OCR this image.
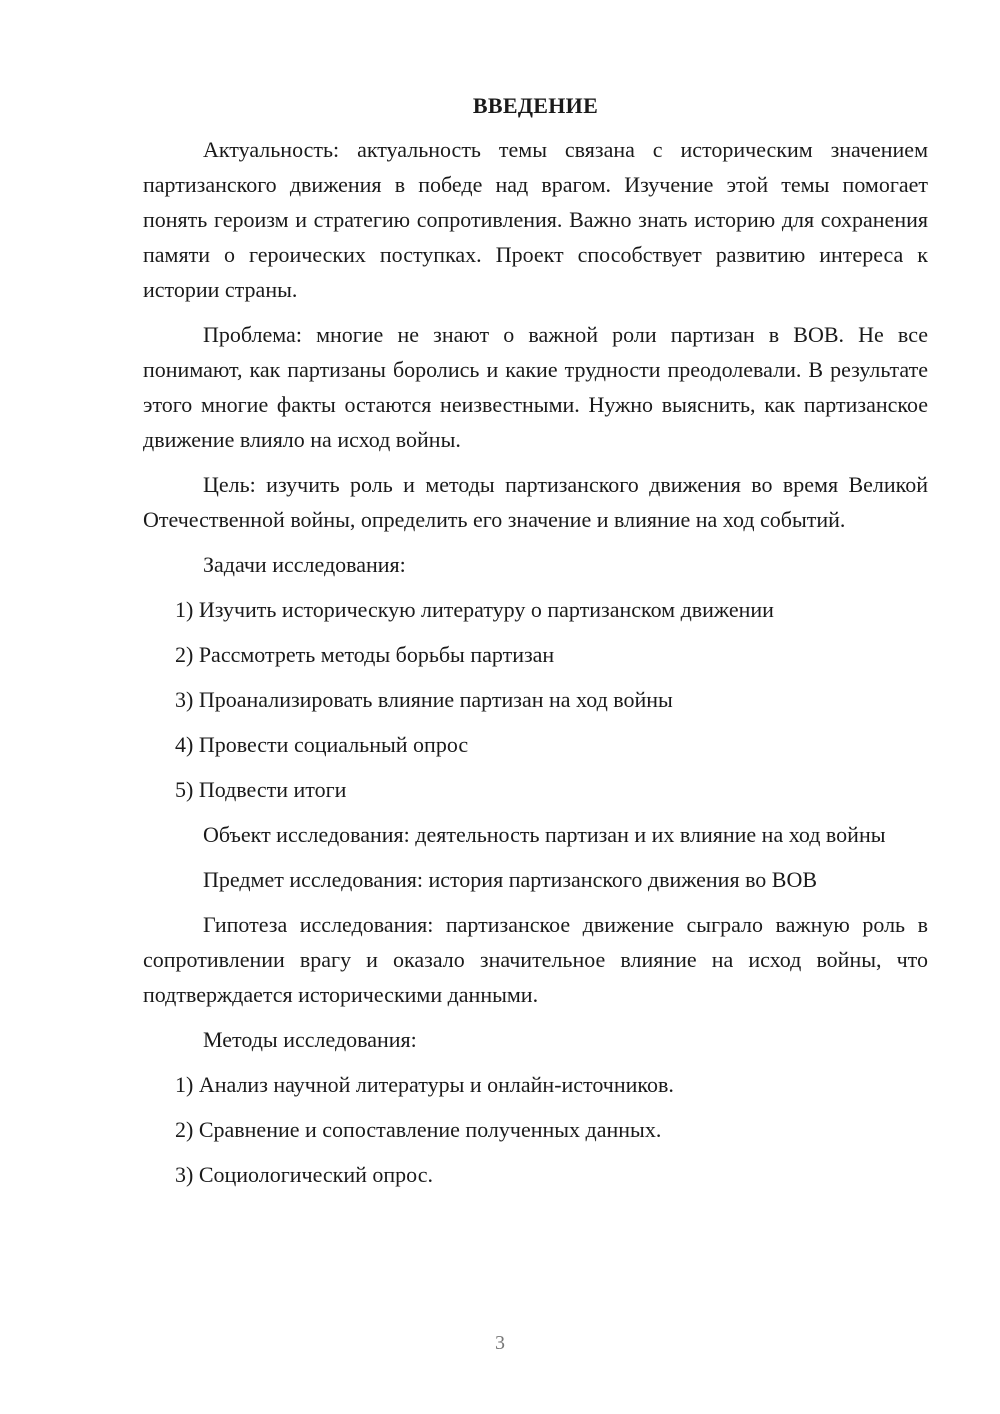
ВВЕДЕНИЕ

Актуальность: актуальность темы связана с историческим значением партизанского движения в победе над врагом. Изучение этой темы помогает понять героизм и стратегию сопротивления. Важно знать историю для сохранения памяти о героических поступках. Проект способствует развитию интереса к истории страны.

Проблема: многие не знают о важной роли партизан в ВОВ. Не все понимают, как партизаны боролись и какие трудности преодолевали. В результате этого многие факты остаются неизвестными. Нужно выяснить, как партизанское движение влияло на исход войны.

Цель: изучить роль и методы партизанского движения во время Великой Отечественной войны, определить его значение и влияние на ход событий.

Задачи исследования:

1) Изучить историческую литературу о партизанском движении
2) Рассмотреть методы борьбы партизан
3) Проанализировать влияние партизан на ход войны
4) Провести социальный опрос
5) Подвести итоги

Объект исследования: деятельность партизан и их влияние на ход войны

Предмет исследования: история партизанского движения во ВОВ

Гипотеза исследования: партизанское движение сыграло важную роль в сопротивлении врагу и оказало значительное влияние на исход войны, что подтверждается историческими данными.

Методы исследования:

1) Анализ научной литературы и онлайн-источников.
2) Сравнение и сопоставление полученных данных.
3) Социологический опрос.
3
